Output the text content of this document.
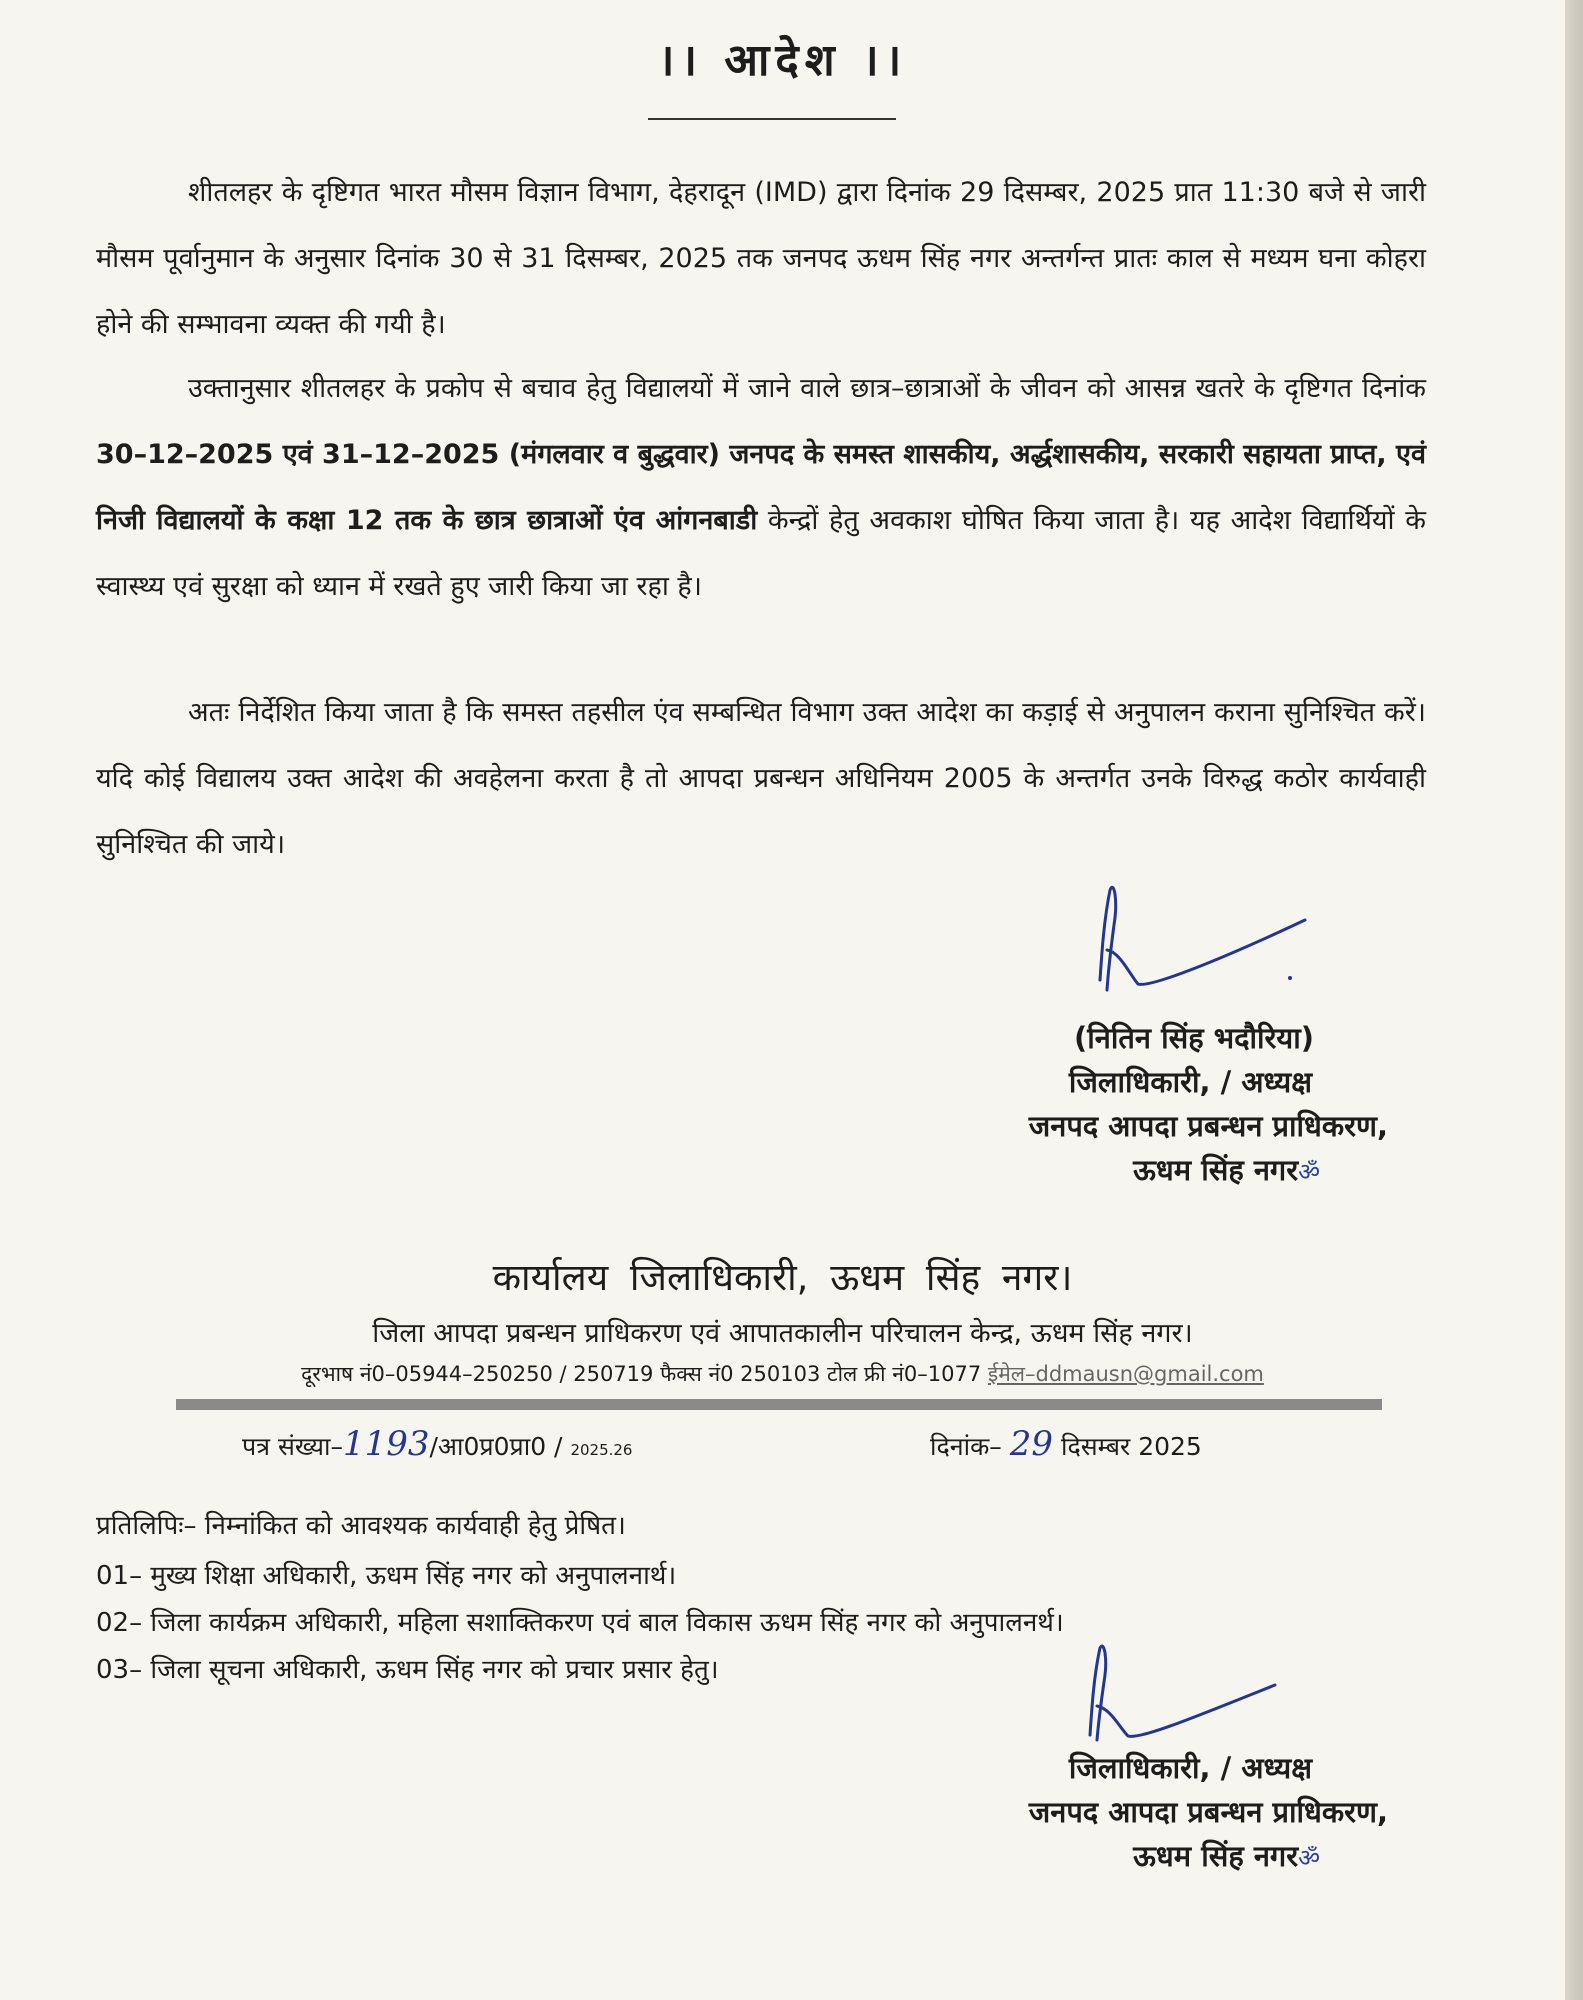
।। आदेश ।।

शीतलहर के दृष्टिगत भारत मौसम विज्ञान विभाग, देहरादून (IMD) द्वारा दिनांक 29 दिसम्बर, 2025 प्रात 11:30 बजे से जारी मौसम पूर्वानुमान के अनुसार दिनांक 30 से 31 दिसम्बर, 2025 तक जनपद ऊधम सिंह नगर अन्तर्गन्त प्रातः काल से मध्यम घना कोहरा होने की सम्भावना व्यक्त की गयी है।

उक्तानुसार शीतलहर के प्रकोप से बचाव हेतु विद्यालयों में जाने वाले छात्र–छात्राओं के जीवन को आसन्न खतरे के दृष्टिगत दिनांक 30–12–2025 एवं 31–12–2025 (मंगलवार व बुद्धवार) जनपद के समस्त शासकीय, अर्द्धशासकीय, सरकारी सहायता प्राप्त, एवं निजी विद्यालयों के कक्षा 12 तक के छात्र छात्राओं एंव आंगनबाडी केन्द्रों हेतु अवकाश घोषित किया जाता है। यह आदेश विद्यार्थियों के स्वास्थ्य एवं सुरक्षा को ध्यान में रखते हुए जारी किया जा रहा है।

अतः निर्देशित किया जाता है कि समस्त तहसील एंव सम्बन्धित विभाग उक्त आदेश का कड़ाई से अनुपालन कराना सुनिश्चित करें। यदि कोई विद्यालय उक्त आदेश की अवहेलना करता है तो आपदा प्रबन्धन अधिनियम 2005 के अन्तर्गत उनके विरुद्ध कठोर कार्यवाही सुनिश्चित की जाये।

(नितिन सिंह भदौरिया)
जिलाधिकारी, / अध्यक्ष
जनपद आपदा प्रबन्धन प्राधिकरण,
ऊधम सिंह नगरॐ
कार्यालय जिलाधिकारी, ऊधम सिंह नगर।
जिला आपदा प्रबन्धन प्राधिकरण एवं आपातकालीन परिचालन केन्द्र, ऊधम सिंह नगर।
दूरभाष नं0–05944–250250 / 250719 फैक्स नं0 250103 टोल फ्री नं0–1077 ईमेल–ddmausn@gmail.com
पत्र संख्या–1193/आ0प्र0प्रा0 / 2025.26	दिनांक– 29 दिसम्बर 2025
प्रतिलिपिः– निम्नांकित को आवश्यक कार्यवाही हेतु प्रेषित।
01– मुख्य शिक्षा अधिकारी, ऊधम सिंह नगर को अनुपालनार्थ।
02– जिला कार्यक्रम अधिकारी, महिला सशाक्तिकरण एवं बाल विकास ऊधम सिंह नगर को अनुपालनर्थ।
03– जिला सूचना अधिकारी, ऊधम सिंह नगर को प्रचार प्रसार हेतु।
जिलाधिकारी, / अध्यक्ष
जनपद आपदा प्रबन्धन प्राधिकरण,
ऊधम सिंह नगरॐ
